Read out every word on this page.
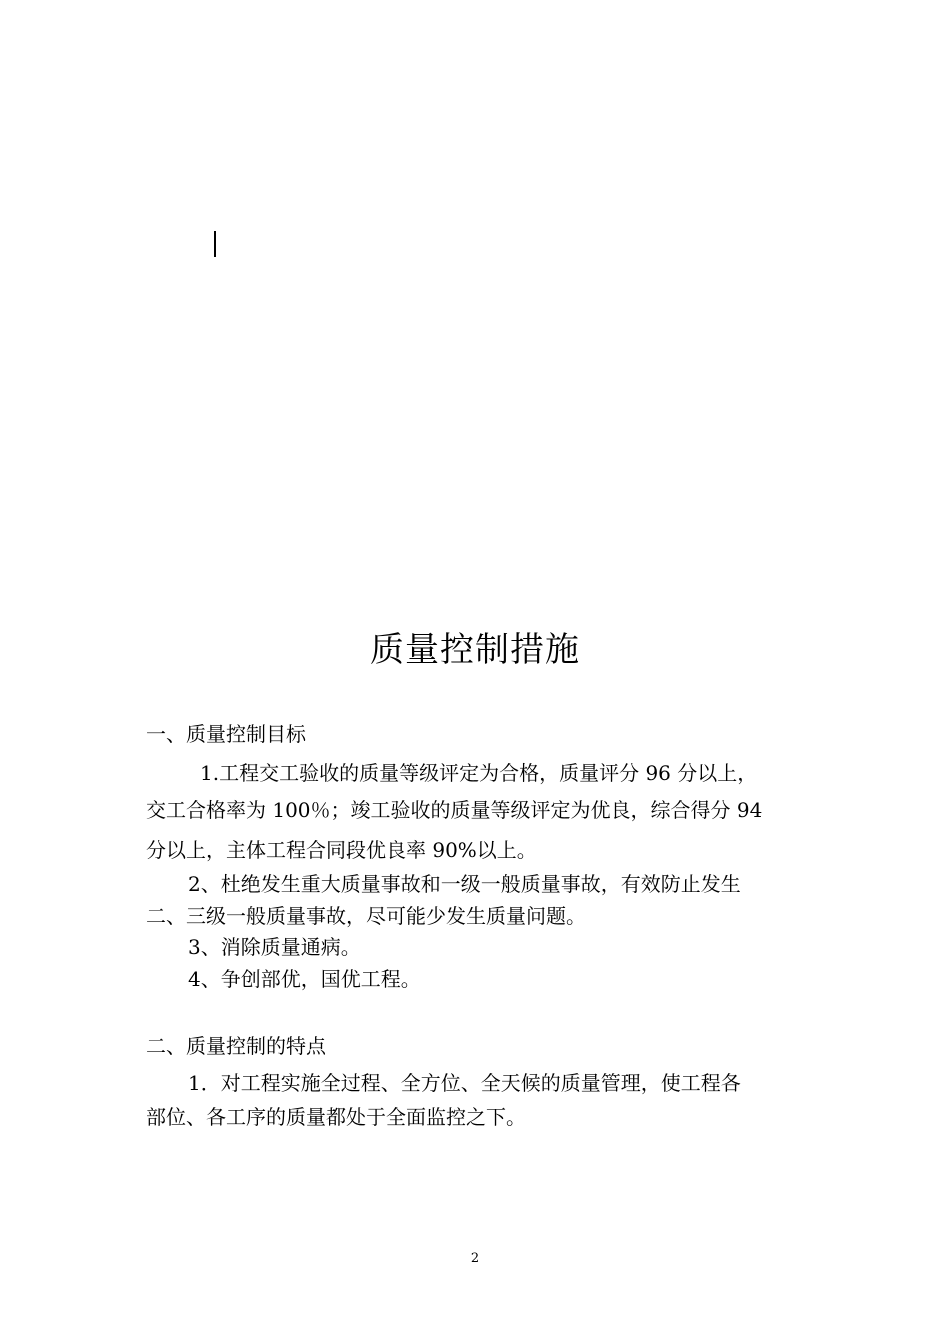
质量控制措施
一、质量控制目标
1.工程交工验收的质量等级评定为合格，质量评分 96 分以上，
交工合格率为 100％；竣工验收的质量等级评定为优良，综合得分 94
分以上，主体工程合同段优良率 90%以上。
2、杜绝发生重大质量事故和一级一般质量事故，有效防止发生
二、三级一般质量事故，尽可能少发生质量问题。
3、消除质量通病。
4、争创部优，国优工程。
二、质量控制的特点
1．对工程实施全过程、全方位、全天候的质量管理，使工程各
部位、各工序的质量都处于全面监控之下。
2
